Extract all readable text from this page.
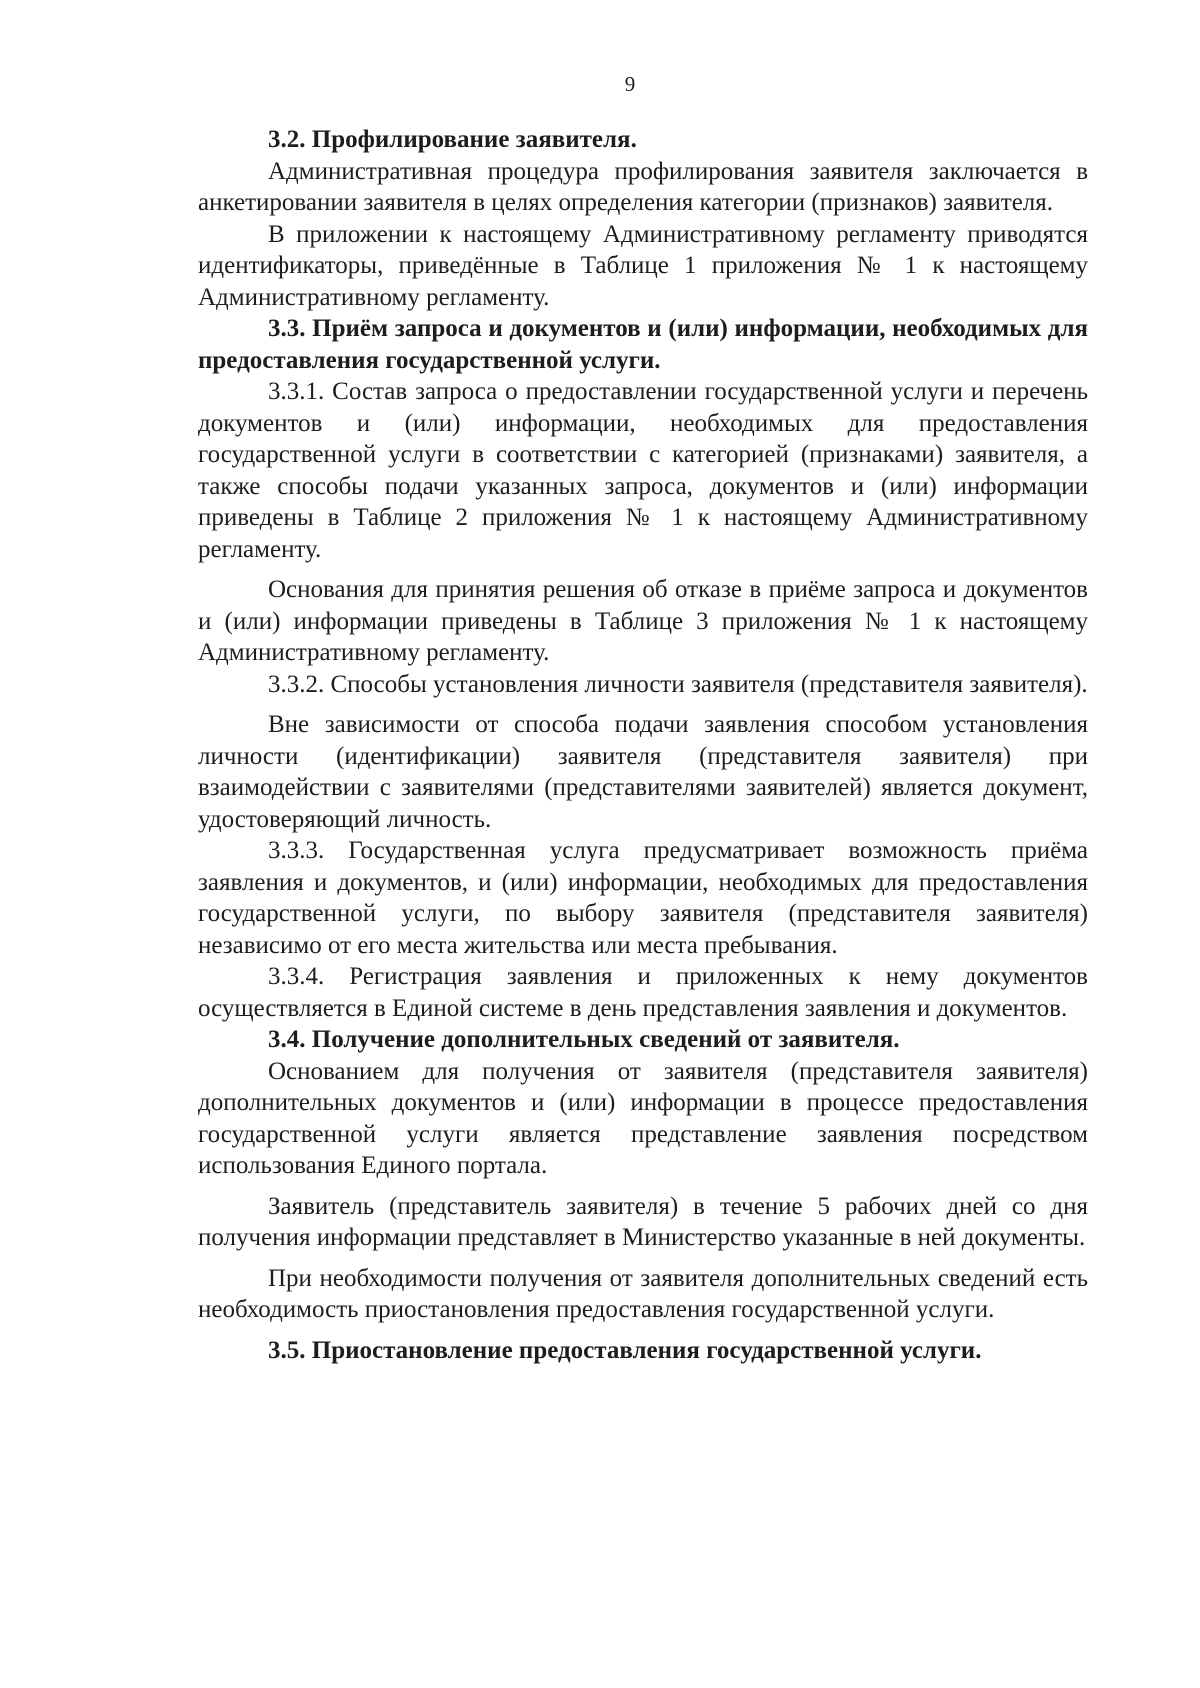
9

3.2. Профилирование заявителя.

Административная процедура профилирования заявителя заключается в анкетировании заявителя в целях определения категории (признаков) заявителя.

В приложении к настоящему Административному регламенту приводятся идентификаторы, приведённые в Таблице 1 приложения № 1 к настоящему Административному регламенту.

3.3. Приём запроса и документов и (или) информации, необходимых для предоставления государственной услуги.

3.3.1. Состав запроса о предоставлении государственной услуги и перечень документов и (или) информации, необходимых для предоставления государственной услуги в соответствии с категорией (признаками) заявителя, а также способы подачи указанных запроса, документов и (или) информации приведены в Таблице 2 приложения № 1 к настоящему Административному регламенту.

Основания для принятия решения об отказе в приёме запроса и документов и (или) информации приведены в Таблице 3 приложения № 1 к настоящему Административному регламенту.

3.3.2. Способы установления личности заявителя (представителя заявителя).

Вне зависимости от способа подачи заявления способом установления личности (идентификации) заявителя (представителя заявителя) при взаимодействии с заявителями (представителями заявителей) является документ, удостоверяющий личность.

3.3.3. Государственная услуга предусматривает возможность приёма заявления и документов, и (или) информации, необходимых для предоставления государственной услуги, по выбору заявителя (представителя заявителя) независимо от его места жительства или места пребывания.

3.3.4. Регистрация заявления и приложенных к нему документов осуществляется в Единой системе в день представления заявления и документов.

3.4. Получение дополнительных сведений от заявителя.

Основанием для получения от заявителя (представителя заявителя) дополнительных документов и (или) информации в процессе предоставления государственной услуги является представление заявления посредством использования Единого портала.

Заявитель (представитель заявителя) в течение 5 рабочих дней со дня получения информации представляет в Министерство указанные в ней документы.

При необходимости получения от заявителя дополнительных сведений есть необходимость приостановления предоставления государственной услуги.

3.5. Приостановление предоставления государственной услуги.
